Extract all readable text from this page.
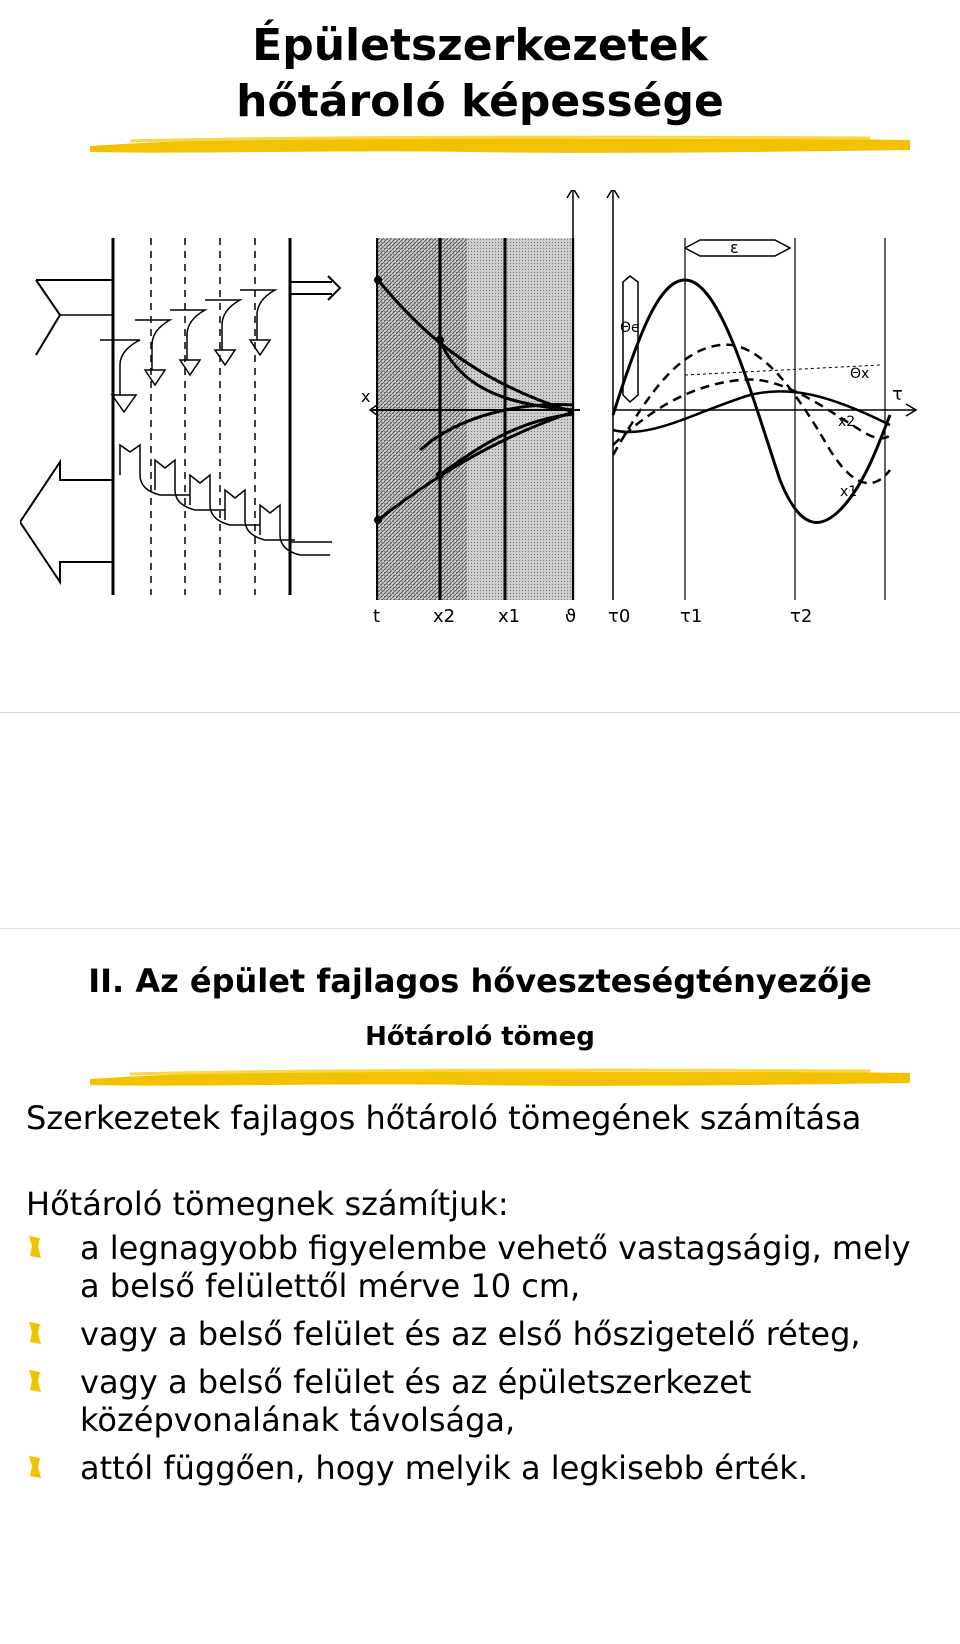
Épületszerkezetek
hőtároló képessége
x
t	x2 x1 ϑ
ε
Θe
Θx
x2
x1
τ
τ0	τ1	τ2
II. Az épület fajlagos hőveszteségtényezője
Hőtároló tömeg

Szerkezetek fajlagos hőtároló tömegének számítása

Hőtároló tömegnek számítjuk:

a legnagyobb figyelembe vehető vastagságig, mely
a belső felülettől mérve 10 cm,
vagy a belső felület és az első hőszigetelő réteg,
vagy a belső felület és az épületszerkezet
középvonalának távolsága,
attól függően, hogy melyik a legkisebb érték.
